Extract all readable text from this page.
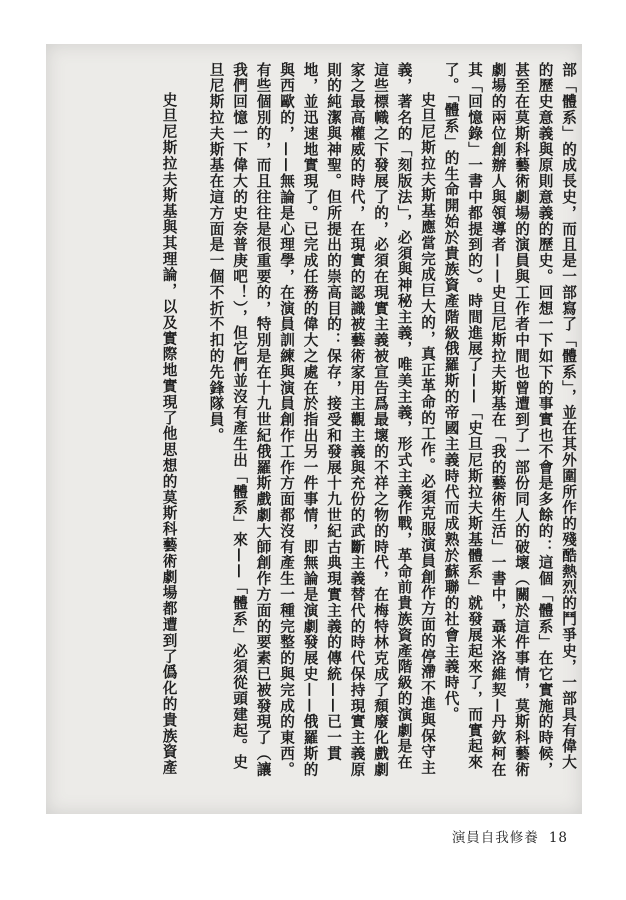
部「體系」的成長史，而且是一部寫了「體系」，並在其外圍所作的殘酷熱烈的鬥爭史，一部具有偉大

的歷史意義與原則意義的歷史。回想一下如下的事實也不會是多餘的：這個「體系」在它實施的時候，

甚至在莫斯科藝術劇場的演員與工作者中間也曾遭到了一部份同人的破壞（關於這件事情，莫斯科藝術

劇場的兩位創辦人與領導者——史旦尼斯拉夫斯基在「我的藝術生活」一書中，聶米洛維契—丹欽柯在

其「回憶錄」一書中都提到的）。時間進展了——「史旦尼斯拉夫斯基體系」就發展起來了，而實起來

了。「體系」的生命開始於貴族資產階級俄羅斯的帝國主義時代而成熟於蘇聯的社會主義時代。

史旦尼斯拉夫斯基應當完成巨大的，真正革命的工作。必須克服演員創作方面的停滯不進與保守主

義，著名的「刻版法」，必須與神秘主義，唯美主義，形式主義作戰，革命前貴族資產階級的演劇是在

這些標幟之下發展了的，必須在現實主義被宣告爲最壞的不祥之物的時代，在梅特林克成了頹廢化戲劇

家之最高權威的時代，在現實的認識被藝術家用主觀主義與充份的武斷主義替代的時代保持現實主義原

則的純潔與神聖。但所提出的崇高目的：保存，接受和發展十九世紀古典現實主義的傳統——已一貫

地，並迅速地實現了。已完成任務的偉大之處在於指出另一件事情，即無論是演劇發展史——俄羅斯的

與西歐的，——無論是心理學，在演員訓練與演員創作工作方面都沒有產生一種完整的與完成的東西。

有些個別的，而且往往是很重要的，特別是在十九世紀俄羅斯戲劇大師創作方面的要素已被發現了（讓

我們回憶一下偉大的史奈普庚吧！），但它們並沒有產生出「體系」來——「體系」必須從頭建起。史

旦尼斯拉夫斯基在這方面是一個不折不扣的先鋒隊員。

史旦尼斯拉夫斯基與其理論，以及實際地實現了他思想的莫斯科藝術劇場都遭到了僞化的貴族資產

演員自我修養 18
